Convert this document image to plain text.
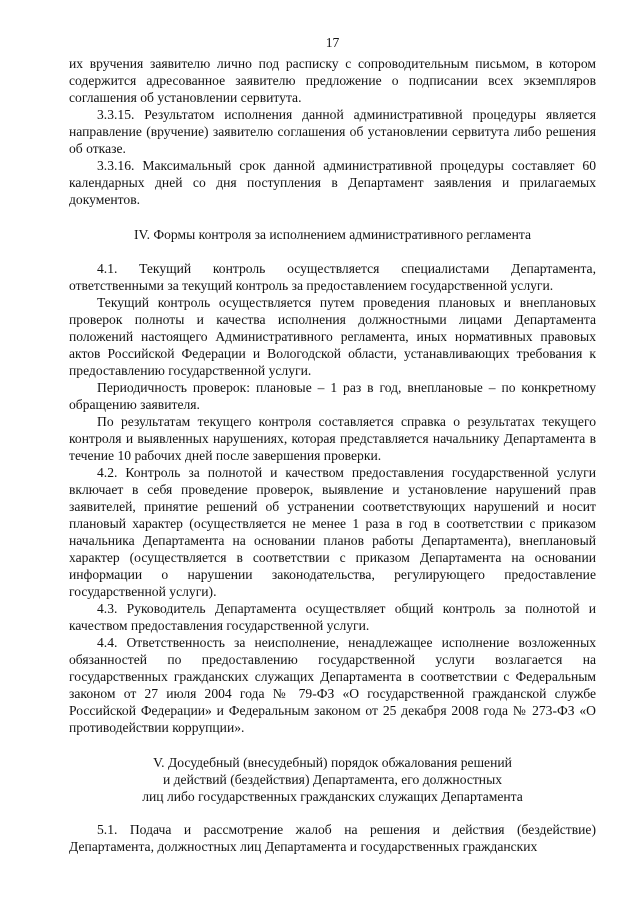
17

их вручения заявителю лично под расписку с сопроводительным письмом, в котором содержится адресованное заявителю предложение о подписании всех экземпляров соглашения об установлении сервитута.

3.3.15. Результатом исполнения данной административной процедуры является направление (вручение) заявителю соглашения об установлении сервитута либо решения об отказе.

3.3.16. Максимальный срок данной административной процедуры составляет 60 календарных дней со дня поступления в Департамент заявления и прилагаемых документов.

IV. Формы контроля за исполнением административного регламента

4.1. Текущий контроль осуществляется специалистами Департамента, ответственными за текущий контроль за предоставлением государственной услуги.

Текущий контроль осуществляется путем проведения плановых и внеплановых проверок полноты и качества исполнения должностными лицами Департамента положений настоящего Административного регламента, иных нормативных правовых актов Российской Федерации и Вологодской области, устанавливающих требования к предоставлению государственной услуги.

Периодичность проверок: плановые – 1 раз в год, внеплановые – по конкретному обращению заявителя.

По результатам текущего контроля составляется справка о результатах текущего контроля и выявленных нарушениях, которая представляется начальнику Департамента в течение 10 рабочих дней после завершения проверки.

4.2. Контроль за полнотой и качеством предоставления государственной услуги включает в себя проведение проверок, выявление и установление нарушений прав заявителей, принятие решений об устранении соответствующих нарушений и носит плановый характер (осуществляется не менее 1 раза в год в соответствии с приказом начальника Департамента на основании планов работы Департамента), внеплановый характер (осуществляется в соответствии с приказом Департамента на основании информации о нарушении законодательства, регулирующего предоставление государственной услуги).

4.3. Руководитель Департамента осуществляет общий контроль за полнотой и качеством предоставления государственной услуги.

4.4. Ответственность за неисполнение, ненадлежащее исполнение возложенных обязанностей по предоставлению государственной услуги возлагается на государственных гражданских служащих Департамента в соответствии с Федеральным законом от 27 июля 2004 года № 79-ФЗ «О государственной гражданской службе Российской Федерации» и Федеральным законом от 25 декабря 2008 года № 273-ФЗ «О противодействии коррупции».

V. Досудебный (внесудебный) порядок обжалования решений
и действий (бездействия) Департамента, его должностных
лиц либо государственных гражданских служащих Департамента

5.1. Подача и рассмотрение жалоб на решения и действия (бездействие) Департамента, должностных лиц Департамента и государственных гражданских
